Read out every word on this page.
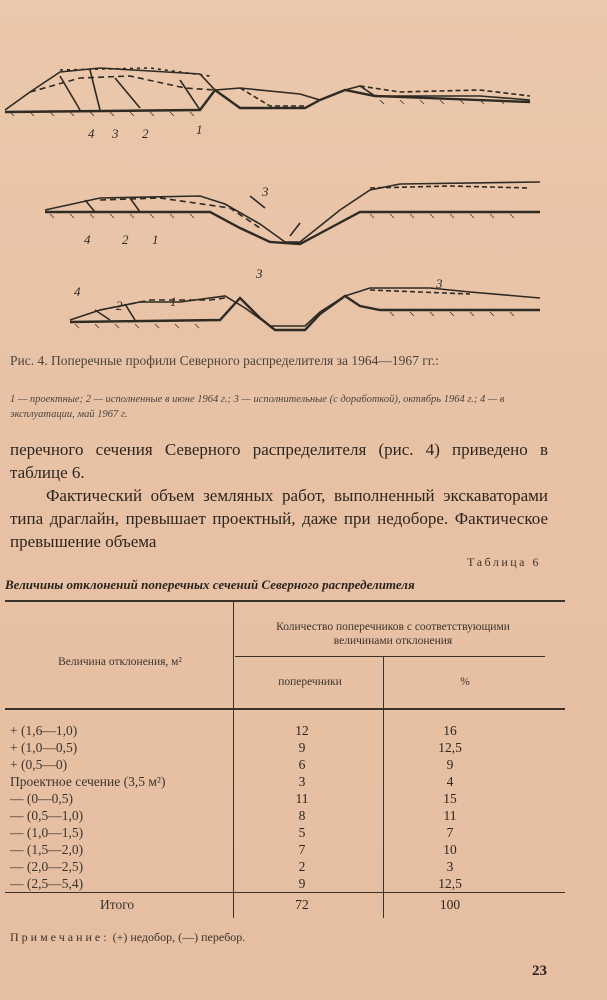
4 3 2	1
4 2 1
3
4
2	1
3
3
Рис. 4. Поперечные профили Северного распределителя за 1964—1967 гг.:
1 — проектные; 2 — исполненные в июне 1964 г.; 3 — исполнительные (с доработкой), октябрь 1964 г.; 4 — в эксплуатации, май 1967 г.

перечного сечения Северного распределителя (рис. 4) приведено в таблице 6.

Фактический объем земляных работ, выполненный экскаваторами типа драглайн, превышает проектный, даже при недоборе. Фактическое превышение объема

Таблица 6
Величины отклонений поперечных сечений Северного распределителя
Величина отклонения, м²
Количество поперечников с соответствующими величинами отклонения
поперечники	%
+ (1,6—1,0)	12	16
+ (1,0—0,5)	9	12,5
+ (0,5—0)	6	9
Проектное сечение (3,5 м²)	3	4
— (0—0,5)	11	15
— (0,5—1,0)	8	11
— (1,0—1,5)	5	7
— (1,5—2,0)	7	10
— (2,0—2,5)	2	3
— (2,5—5,4)	9	12,5
Итого	72	100
Примечание: (+) недобор, (—) перебор.
23
